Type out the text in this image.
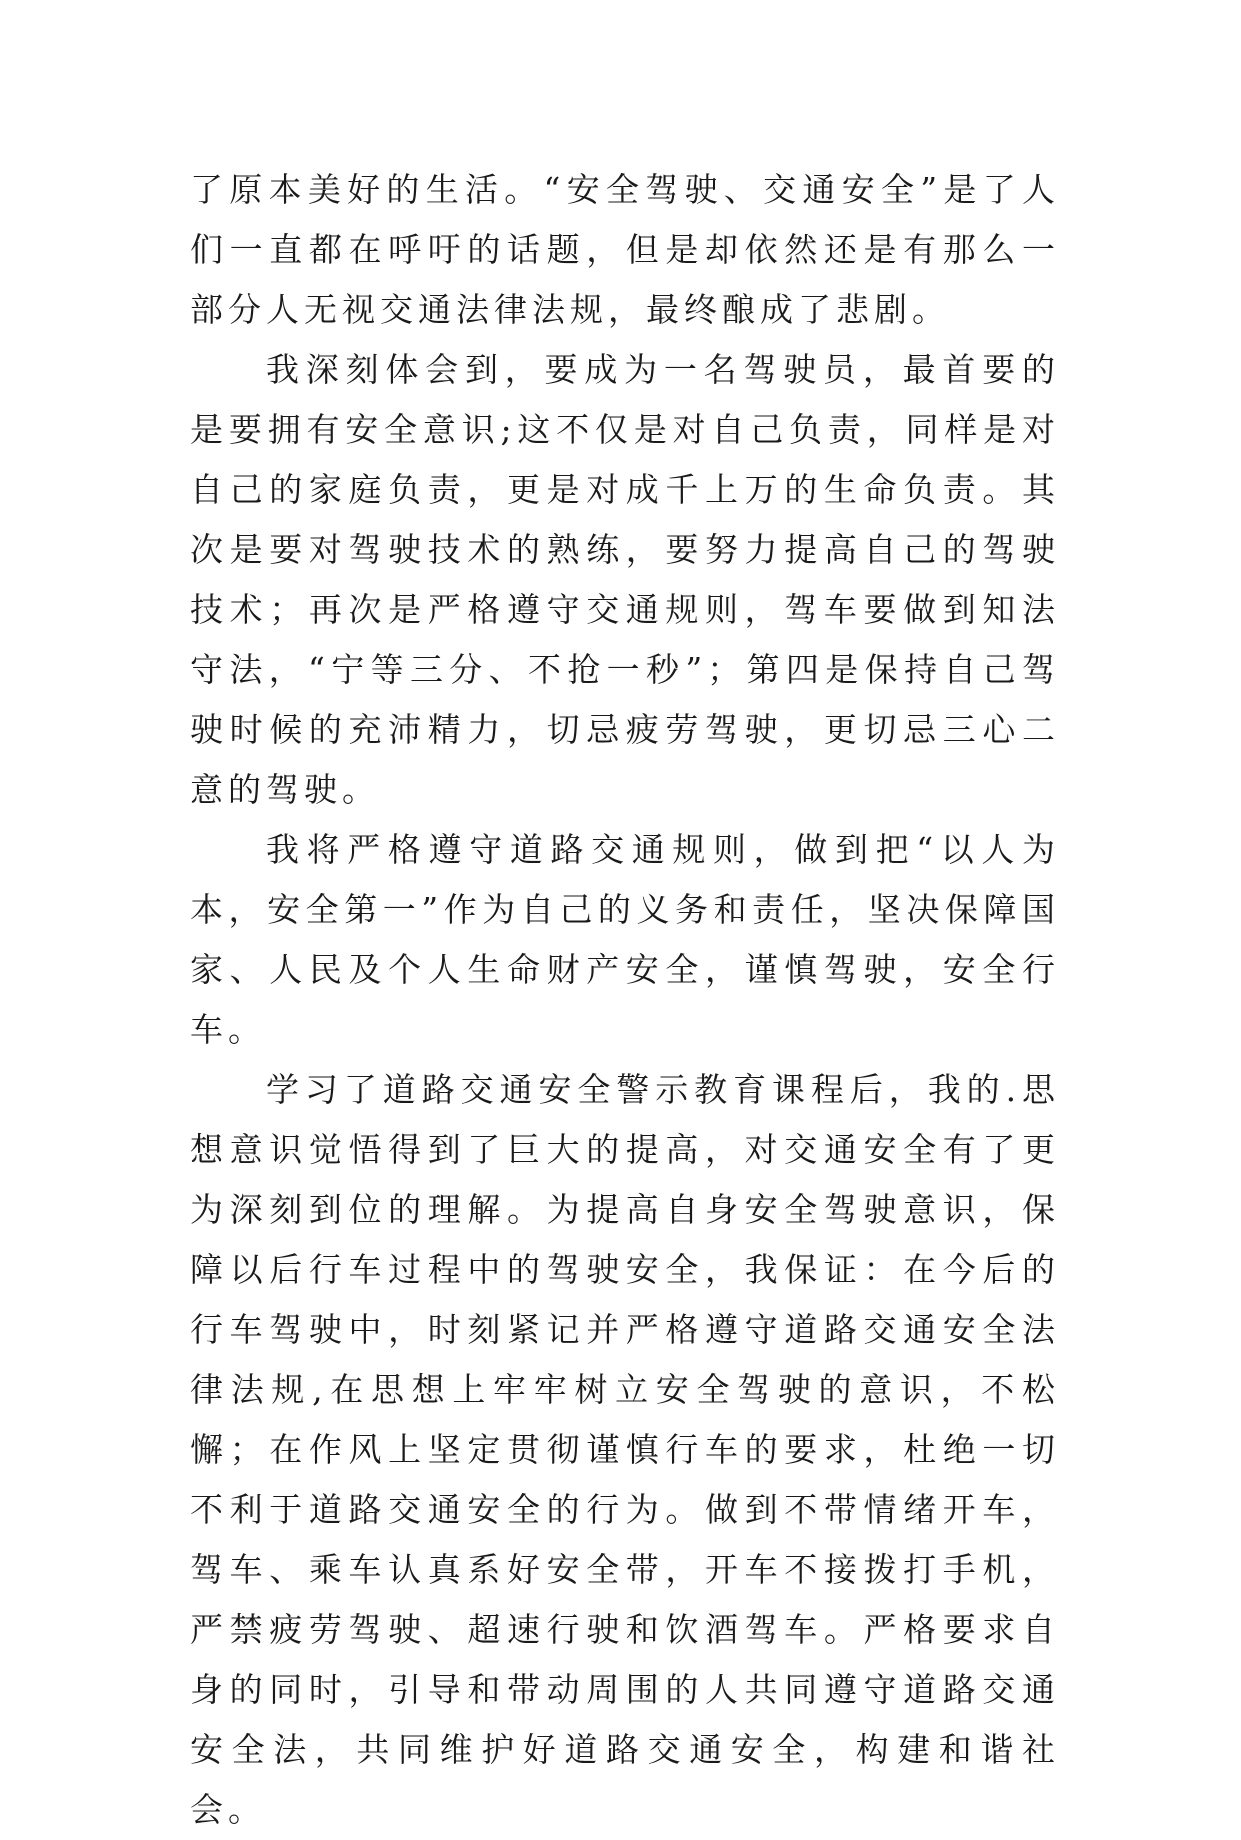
了原本美好的生活。“安全驾驶、交通安全”是了人们一直都在呼吁的话题，但是却依然还是有那么一部分人无视交通法律法规，最终酿成了悲剧。

我深刻体会到，要成为一名驾驶员，最首要的是要拥有安全意识;这不仅是对自己负责，同样是对自己的家庭负责，更是对成千上万的生命负责。其次是要对驾驶技术的熟练，要努力提高自己的驾驶技术；再次是严格遵守交通规则，驾车要做到知法守法，“宁等三分、不抢一秒”；第四是保持自己驾驶时候的充沛精力，切忌疲劳驾驶，更切忌三心二意的驾驶。

我将严格遵守道路交通规则，做到把“以人为本，安全第一”作为自己的义务和责任，坚决保障国家、人民及个人生命财产安全，谨慎驾驶，安全行车。

学习了道路交通安全警示教育课程后，我的.思想意识觉悟得到了巨大的提高，对交通安全有了更为深刻到位的理解。为提高自身安全驾驶意识，保障以后行车过程中的驾驶安全，我保证：在今后的行车驾驶中，时刻紧记并严格遵守道路交通安全法律法规,在思想上牢牢树立安全驾驶的意识，不松懈；在作风上坚定贯彻谨慎行车的要求，杜绝一切不利于道路交通安全的行为。做到不带情绪开车，驾车、乘车认真系好安全带，开车不接拨打手机，严禁疲劳驾驶、超速行驶和饮酒驾车。严格要求自身的同时，引导和带动周围的人共同遵守道路交通安全法，共同维护好道路交通安全，构建和谐社会。
